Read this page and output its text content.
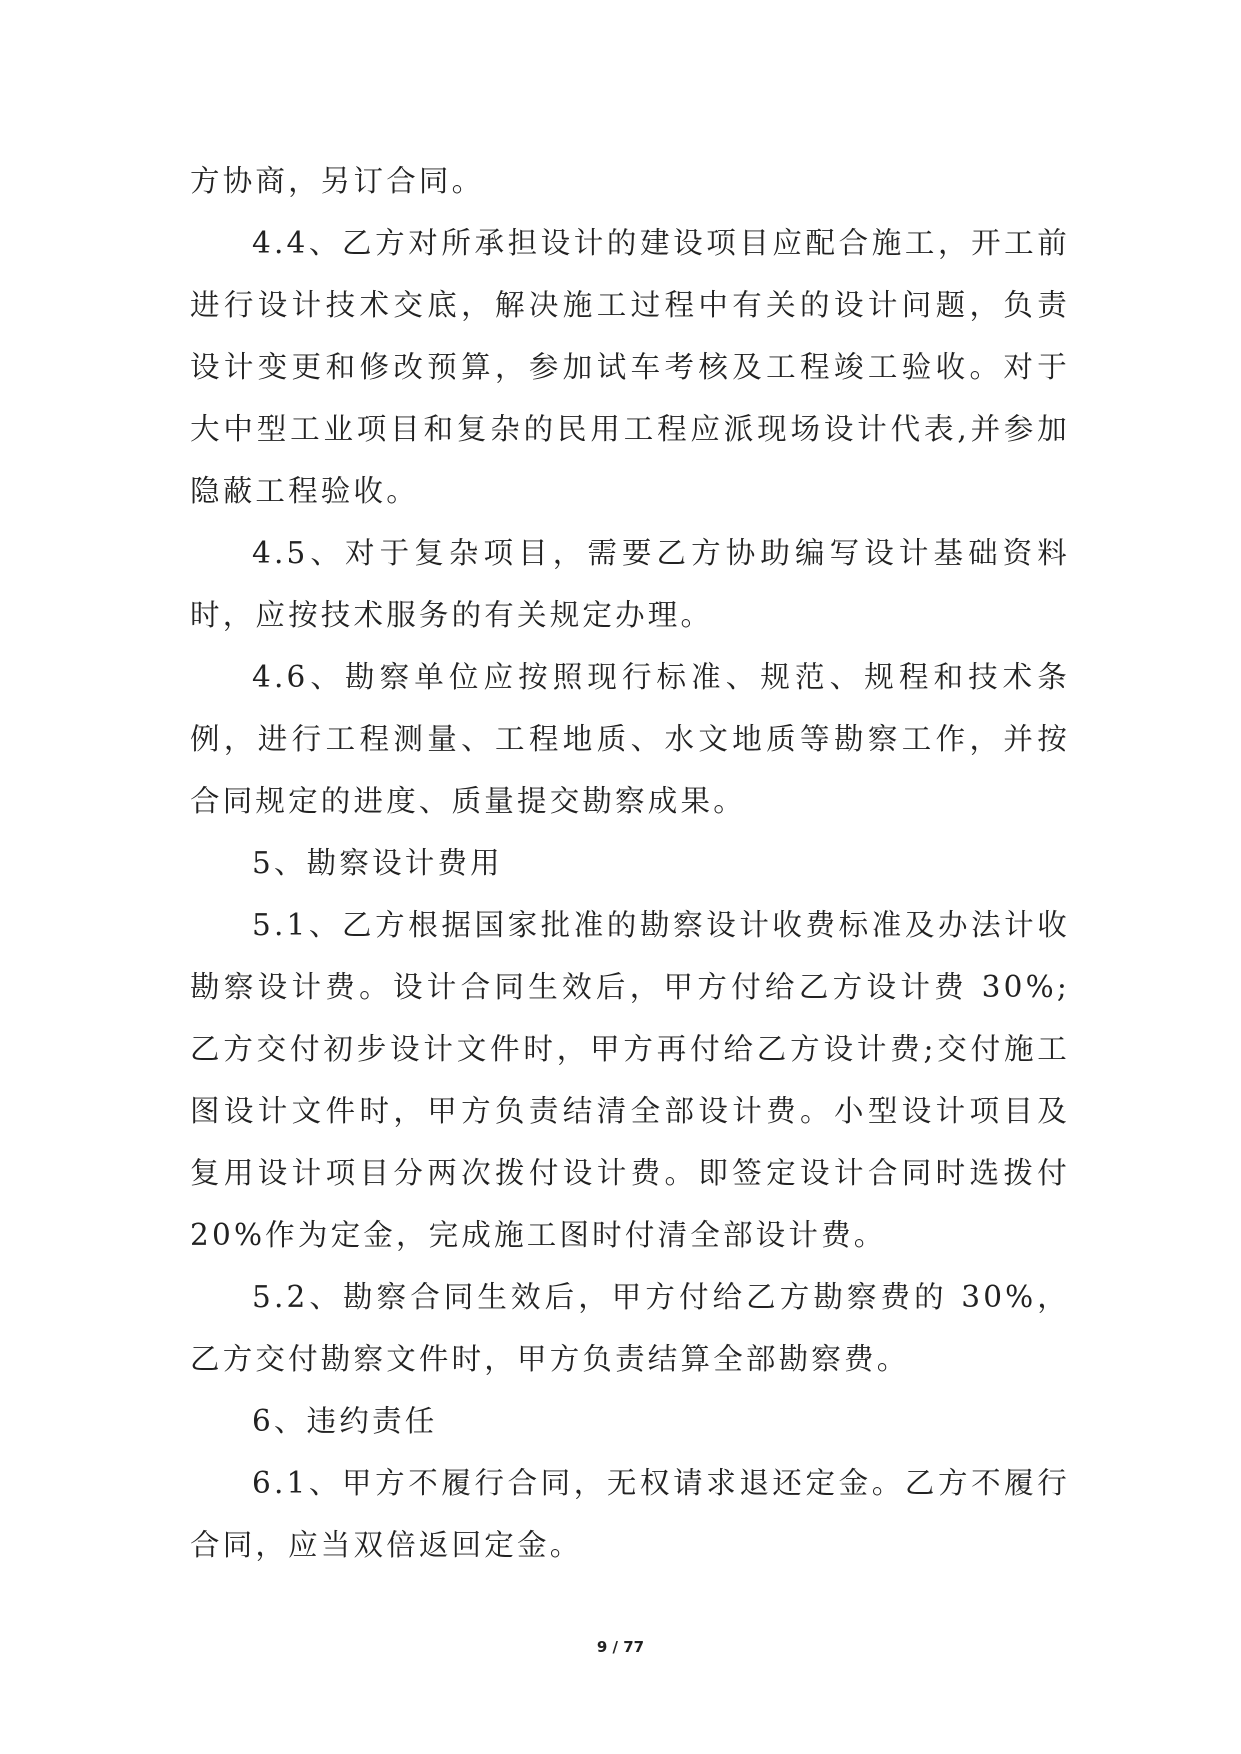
方协商，另订合同。

4.4、乙方对所承担设计的建设项目应配合施工，开工前进行设计技术交底，解决施工过程中有关的设计问题，负责设计变更和修改预算，参加试车考核及工程竣工验收。对于大中型工业项目和复杂的民用工程应派现场设计代表,并参加隐蔽工程验收。

4.5、对于复杂项目，需要乙方协助编写设计基础资料时，应按技术服务的有关规定办理。

4.6、勘察单位应按照现行标准、规范、规程和技术条例，进行工程测量、工程地质、水文地质等勘察工作，并按合同规定的进度、质量提交勘察成果。

5、勘察设计费用

5.1、乙方根据国家批准的勘察设计收费标准及办法计收勘察设计费。设计合同生效后，甲方付给乙方设计费 30%;乙方交付初步设计文件时，甲方再付给乙方设计费;交付施工图设计文件时，甲方负责结清全部设计费。小型设计项目及复用设计项目分两次拨付设计费。即签定设计合同时选拨付 20%作为定金，完成施工图时付清全部设计费。

5.2、勘察合同生效后，甲方付给乙方勘察费的 30%，乙方交付勘察文件时，甲方负责结算全部勘察费。

6、违约责任

6.1、甲方不履行合同，无权请求退还定金。乙方不履行合同，应当双倍返回定金。

9 / 77
